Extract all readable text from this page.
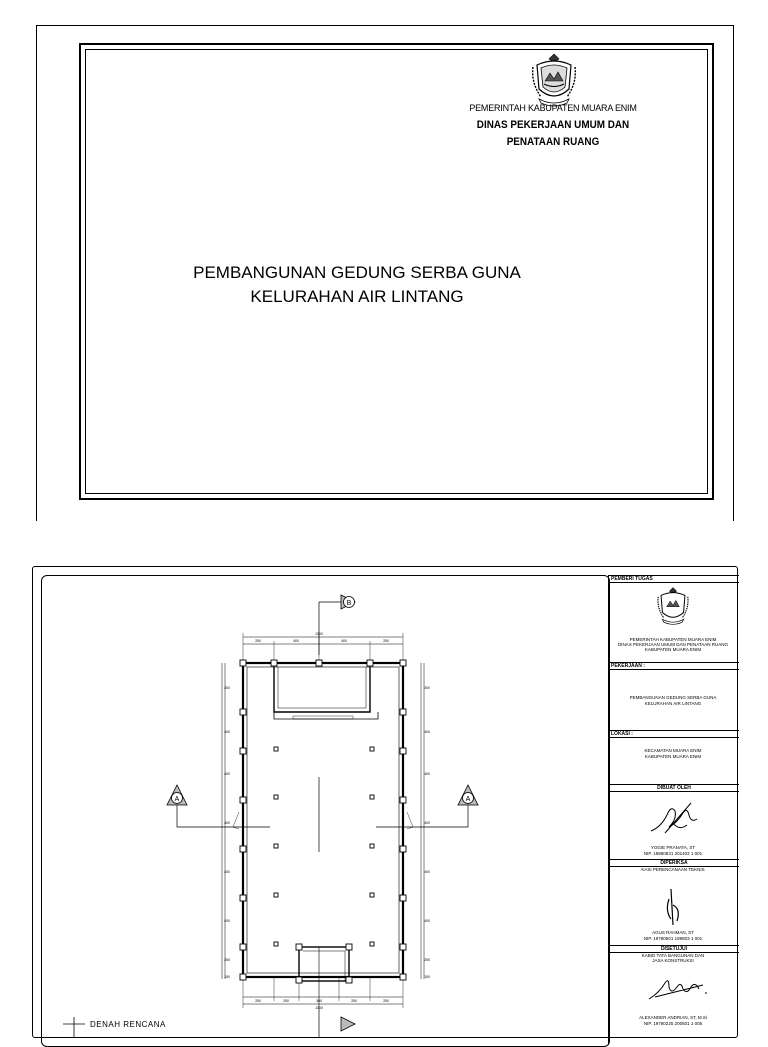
PEMERINTAH KABUPATEN MUARA ENIM
DINAS PEKERJAAN UMUM DAN
PENATAAN RUANG
PEMBANGUNAN GEDUNG SERBA GUNA
KELURAHAN AIR LINTANG
A	A
B
1300
250	400	400	250
250	250	300	250	250
1300
300
400
400
400
400
400
250
150
300
400
400
400
400
400
250
150
DENAH RENCANA
PEMBERI TUGAS
PEMERINTAH KABUPATEN MUARA ENIM
DINAS PEKERJAAN UMUM DAN PENATAAN RUANG
KABUPATEN MUARA ENIM
PEKERJAAN :
PEMBANGUNAN GEDUNG SERBA GUNA
KELURAHAN AIR LINTANG
LOKASI :
KECAMATAN MUARA ENIM
KABUPATEN MUARA ENIM
DIBUAT OLEH
YOGIE PRANATA, ST
NIP. 19880831 201402 1 001
DIPERIKSA
KASI PERENCANAAN TEKNIS
AGUS RAHMAN, ST
NIP. 19780601 199803 1 001
DISETUJUI
KABID TATA BANGUNAN DAN
JASA KONSTRUKSI
ALEXANDER ANDRIAN, ST, M.Si
NIP. 19780225 200501 1 005
